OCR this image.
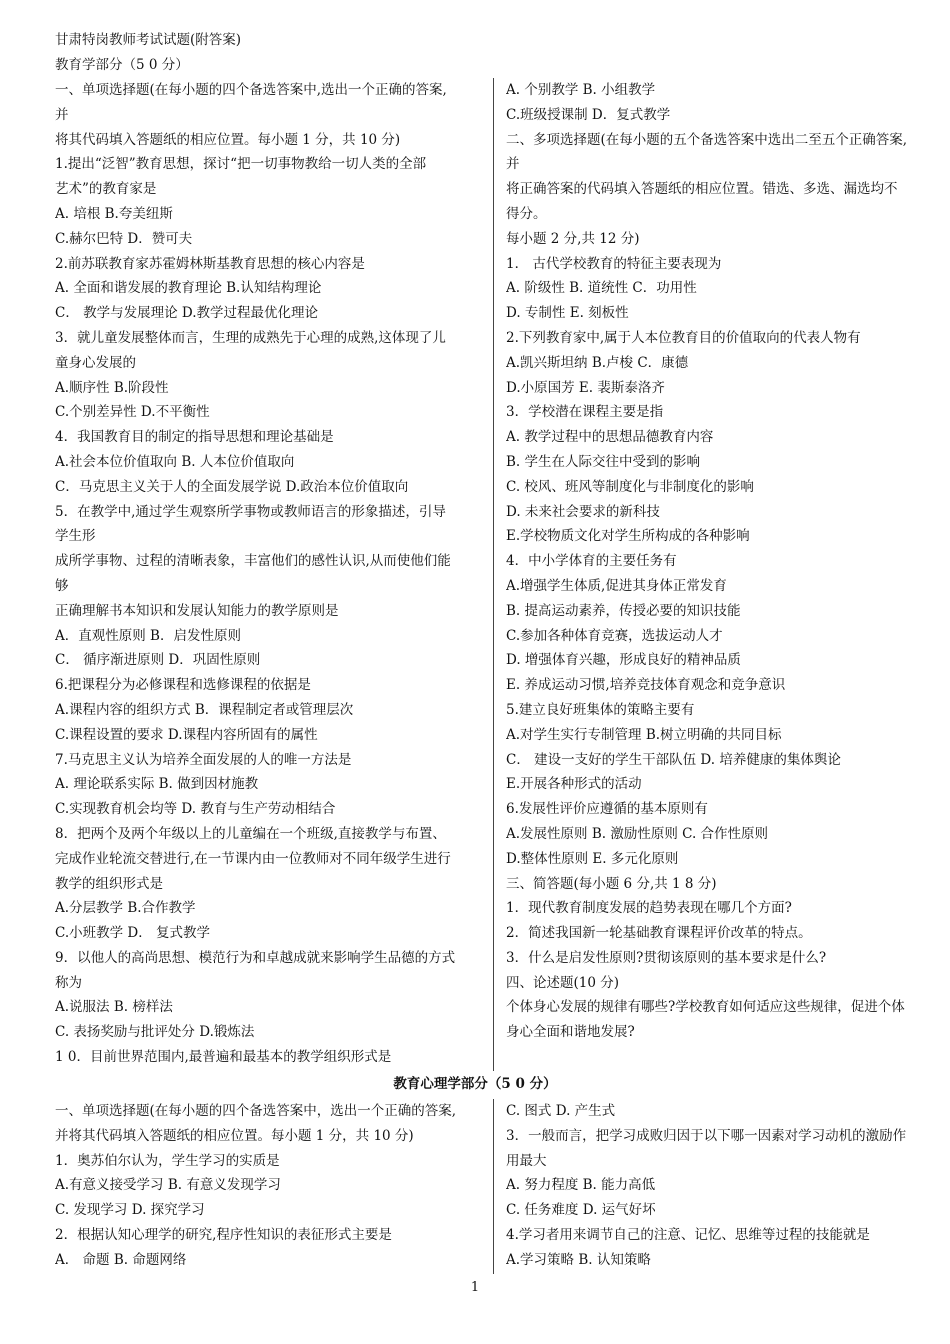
甘肃特岗教师考试试题(附答案)
教育学部分（5 0 分）
一、单项选择题(在每小题的四个备选答案中,选出一个正确的答案,
并
将其代码填入答题纸的相应位置。每小题 1 分，共 10 分)
1.提出“泛智”教育思想，探讨“把一切事物教给一切人类的全部
艺术”的教育家是
A. 培根 B.夸美纽斯
C.赫尔巴特 D．赞可夫
2.前苏联教育家苏霍姆林斯基教育思想的核心内容是
A. 全面和谐发展的教育理论 B.认知结构理论
C． 教学与发展理论 D.教学过程最优化理论
3．就儿童发展整体而言，生理的成熟先于心理的成熟,这体现了儿
童身心发展的
A.顺序性 B.阶段性
C.个别差异性 D.不平衡性
4．我国教育目的制定的指导思想和理论基础是
A.社会本位价值取向 B. 人本位价值取向
C．马克思主义关于人的全面发展学说 D.政治本位价值取向
5．在教学中,通过学生观察所学事物或教师语言的形象描述，引导
学生形
成所学事物、过程的清晰表象，丰富他们的感性认识,从而使他们能
够
正确理解书本知识和发展认知能力的教学原则是
A．直观性原则 B．启发性原则
C． 循序渐进原则 D．巩固性原则
6.把课程分为必修课程和选修课程的依据是
A.课程内容的组织方式 B．课程制定者或管理层次
C.课程设置的要求 D.课程内容所固有的属性
7.马克思主义认为培养全面发展的人的唯一方法是
A. 理论联系实际 B. 做到因材施教
C.实现教育机会均等 D. 教育与生产劳动相结合
8．把两个及两个年级以上的儿童编在一个班级,直接教学与布置、
完成作业轮流交替进行,在一节课内由一位教师对不同年级学生进行
教学的组织形式是
A.分层教学 B.合作教学
C.小班教学 D． 复式教学
9．以他人的高尚思想、模范行为和卓越成就来影响学生品德的方式
称为
A.说服法 B. 榜样法
C. 表扬奖励与批评处分 D.锻炼法
1 0．目前世界范围内,最普遍和最基本的教学组织形式是
A. 个别教学 B. 小组教学
C.班级授课制 D．复式教学
二、多项选择题(在每小题的五个备选答案中选出二至五个正确答案,
并
将正确答案的代码填入答题纸的相应位置。错选、多选、漏选均不
得分。
每小题 2 分,共 12 分)
1． 古代学校教育的特征主要表现为
A. 阶级性 B. 道统性 C．功用性
D. 专制性 E. 刻板性
2.下列教育家中,属于人本位教育目的价值取向的代表人物有
A.凯兴斯坦纳 B.卢梭 C．康德
D.小原国芳 E. 裴斯泰洛齐
3．学校潜在课程主要是指
A. 教学过程中的思想品德教育内容
B. 学生在人际交往中受到的影响
C. 校风、班风等制度化与非制度化的影响
D. 未来社会要求的新科技
E.学校物质文化对学生所构成的各种影响
4．中小学体育的主要任务有
A.增强学生体质,促进其身体正常发育
B. 提高运动素养，传授必要的知识技能
C.参加各种体育竞赛，选拔运动人才
D. 增强体育兴趣，形成良好的精神品质
E. 养成运动习惯,培养竞技体育观念和竞争意识
5.建立良好班集体的策略主要有
A.对学生实行专制管理 B.树立明确的共同目标
C． 建设一支好的学生干部队伍 D. 培养健康的集体舆论
E.开展各种形式的活动
6.发展性评价应遵循的基本原则有
A.发展性原则 B. 激励性原则 C. 合作性原则
D.整体性原则 E. 多元化原则
三、简答题(每小题 6 分,共 1 8 分)
1．现代教育制度发展的趋势表现在哪几个方面?
2．简述我国新一轮基础教育课程评价改革的特点。
3．什么是启发性原则?贯彻该原则的基本要求是什么?
四、论述题(10 分)
个体身心发展的规律有哪些?学校教育如何适应这些规律，促进个体
身心全面和谐地发展?
教育心理学部分（5 0 分）
一、单项选择题(在每小题的四个备选答案中，选出一个正确的答案,
并将其代码填入答题纸的相应位置。每小题 1 分，共 10 分)
1．奥苏伯尔认为，学生学习的实质是
A.有意义接受学习 B. 有意义发现学习
C. 发现学习 D. 探究学习
2．根据认知心理学的研究,程序性知识的表征形式主要是
A． 命题 B. 命题网络
C. 图式 D. 产生式
3．一般而言，把学习成败归因于以下哪一因素对学习动机的激励作
用最大
A. 努力程度 B. 能力高低
C. 任务难度 D. 运气好坏
4.学习者用来调节自己的注意、记忆、思维等过程的技能就是
A.学习策略 B. 认知策略
1
